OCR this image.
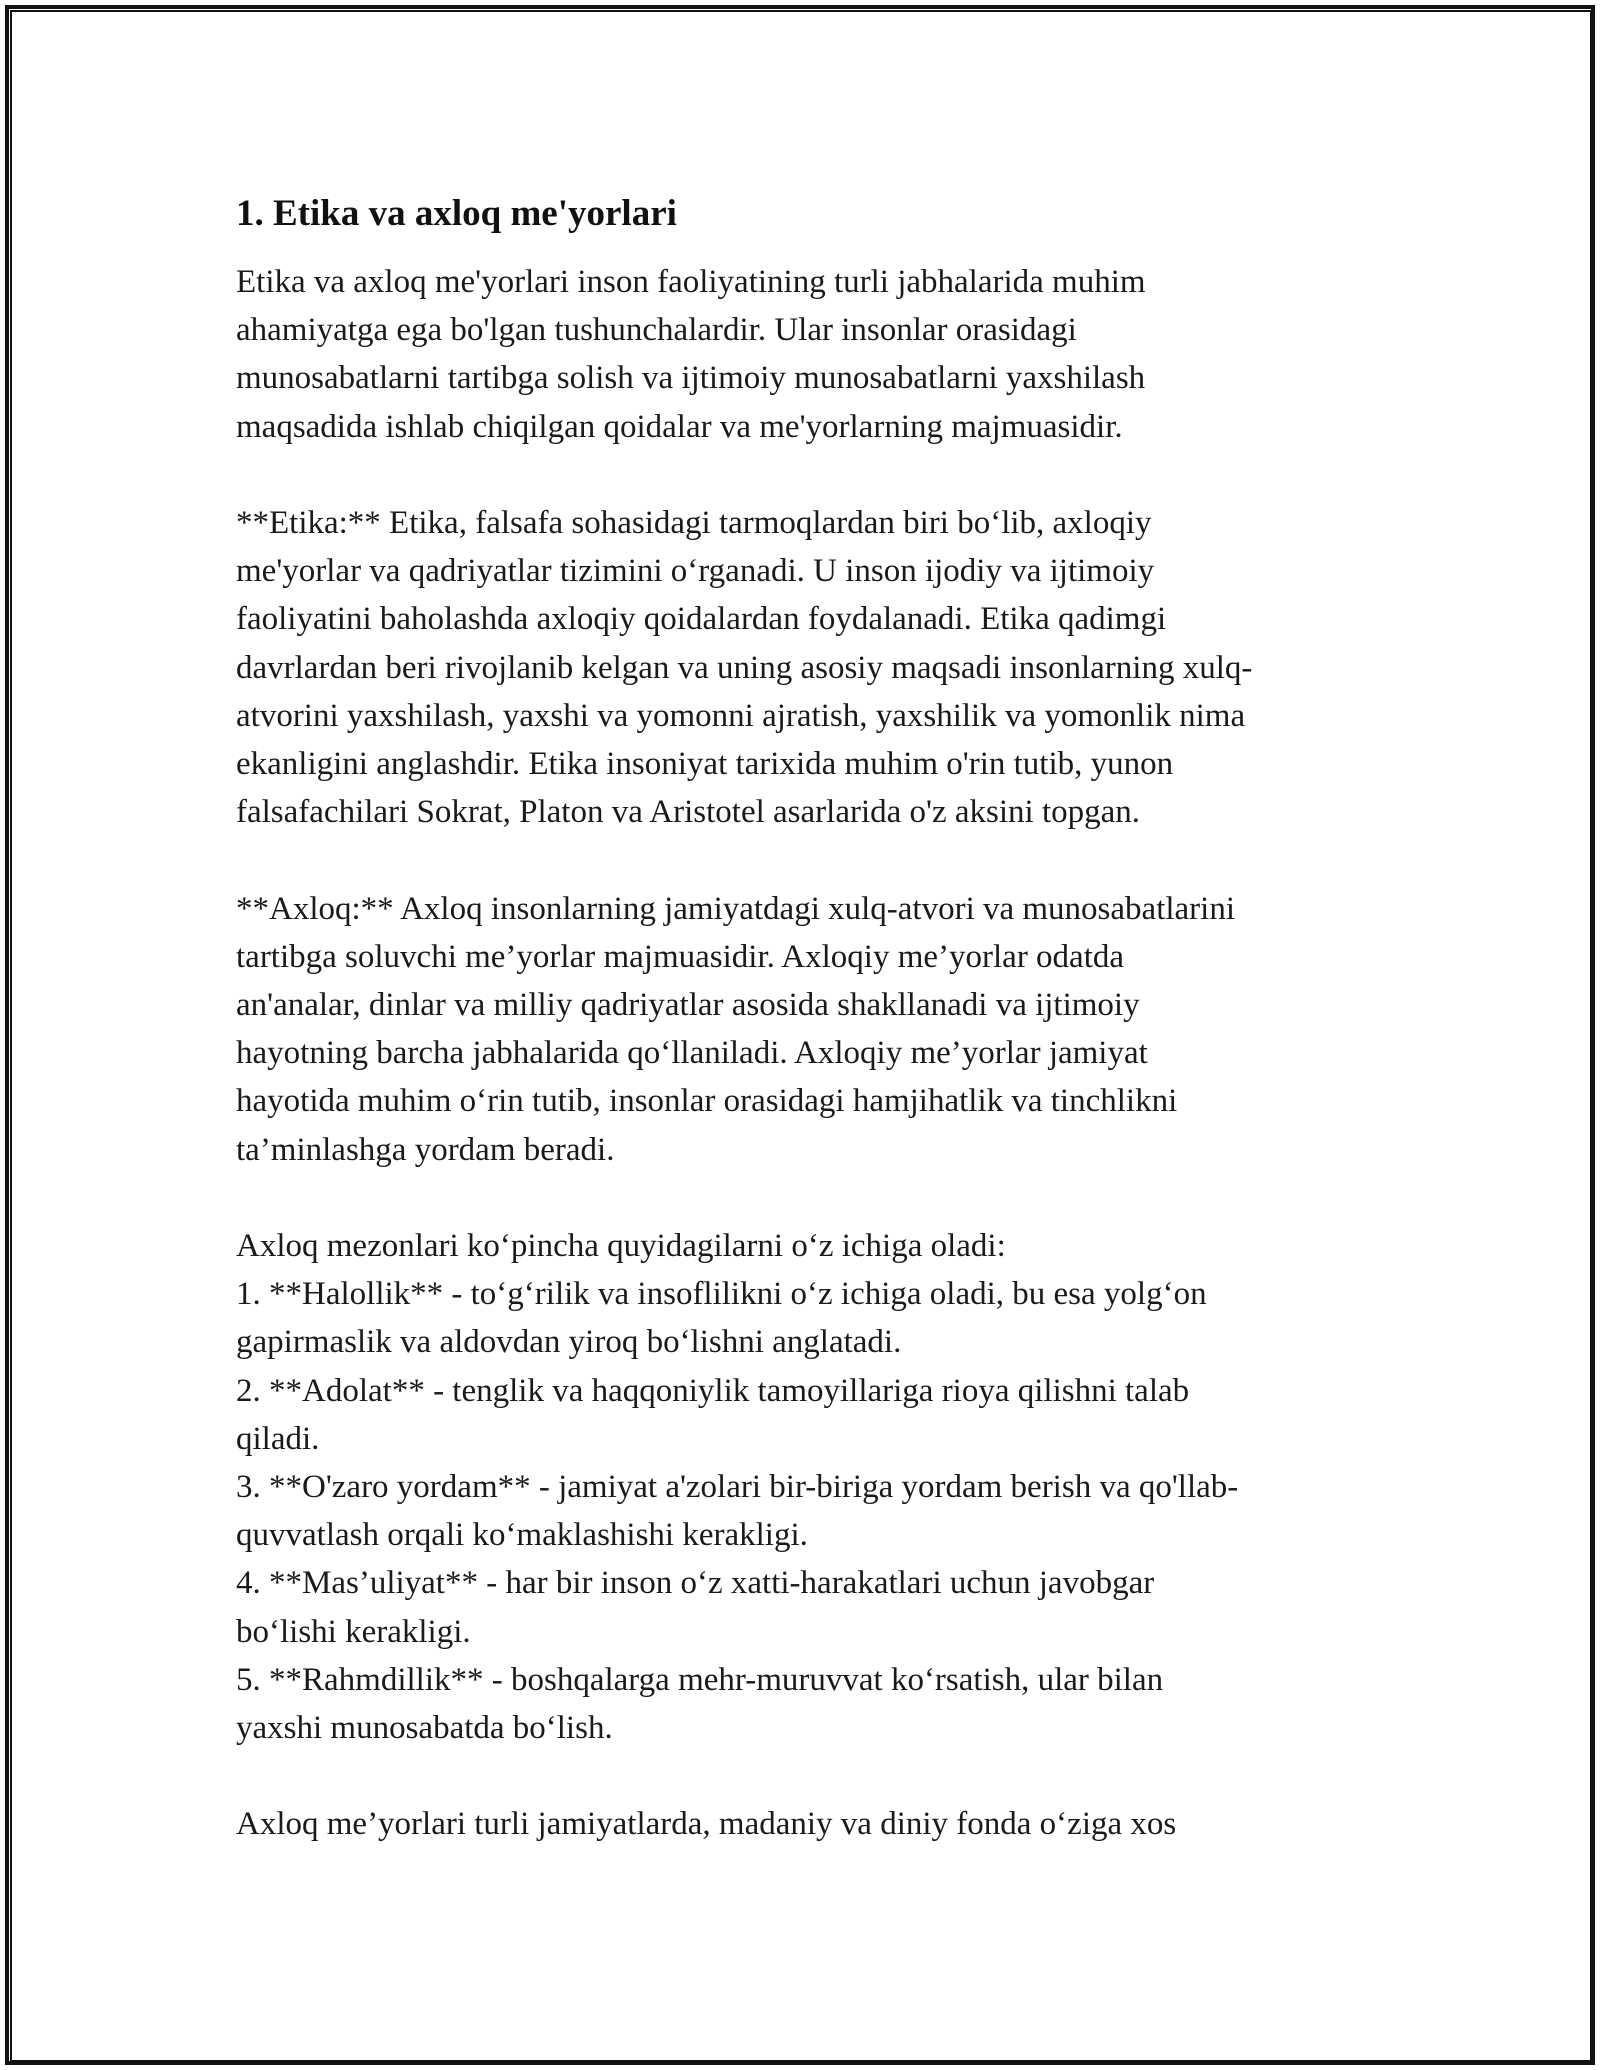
1. Etika va axloq me'yorlari

Etika va axloq me'yorlari inson faoliyatining turli jabhalarida muhim
ahamiyatga ega bo'lgan tushunchalardir. Ular insonlar orasidagi
munosabatlarni tartibga solish va ijtimoiy munosabatlarni yaxshilash
maqsadida ishlab chiqilgan qoidalar va me'yorlarning majmuasidir.

**Etika:** Etika, falsafa sohasidagi tarmoqlardan biri bo‘lib, axloqiy
me'yorlar va qadriyatlar tizimini o‘rganadi. U inson ijodiy va ijtimoiy
faoliyatini baholashda axloqiy qoidalardan foydalanadi. Etika qadimgi
davrlardan beri rivojlanib kelgan va uning asosiy maqsadi insonlarning xulq-
atvorini yaxshilash, yaxshi va yomonni ajratish, yaxshilik va yomonlik nima
ekanligini anglashdir. Etika insoniyat tarixida muhim o'rin tutib, yunon
falsafachilari Sokrat, Platon va Aristotel asarlarida o'z aksini topgan.

**Axloq:** Axloq insonlarning jamiyatdagi xulq-atvori va munosabatlarini
tartibga soluvchi me’yorlar majmuasidir. Axloqiy me’yorlar odatda
an'analar, dinlar va milliy qadriyatlar asosida shakllanadi va ijtimoiy
hayotning barcha jabhalarida qo‘llaniladi. Axloqiy me’yorlar jamiyat
hayotida muhim o‘rin tutib, insonlar orasidagi hamjihatlik va tinchlikni
ta’minlashga yordam beradi.

Axloq mezonlari ko‘pincha quyidagilarni o‘z ichiga oladi:
1. **Halollik** - to‘g‘rilik va insoflilikni o‘z ichiga oladi, bu esa yolg‘on
gapirmaslik va aldovdan yiroq bo‘lishni anglatadi.
2. **Adolat** - tenglik va haqqoniylik tamoyillariga rioya qilishni talab
qiladi.
3. **O'zaro yordam** - jamiyat a'zolari bir-biriga yordam berish va qo'llab-
quvvatlash orqali ko‘maklashishi kerakligi.
4. **Mas’uliyat** - har bir inson o‘z xatti-harakatlari uchun javobgar
bo‘lishi kerakligi.
5. **Rahmdillik** - boshqalarga mehr-muruvvat ko‘rsatish, ular bilan
yaxshi munosabatda bo‘lish.

Axloq me’yorlari turli jamiyatlarda, madaniy va diniy fonda o‘ziga xos
